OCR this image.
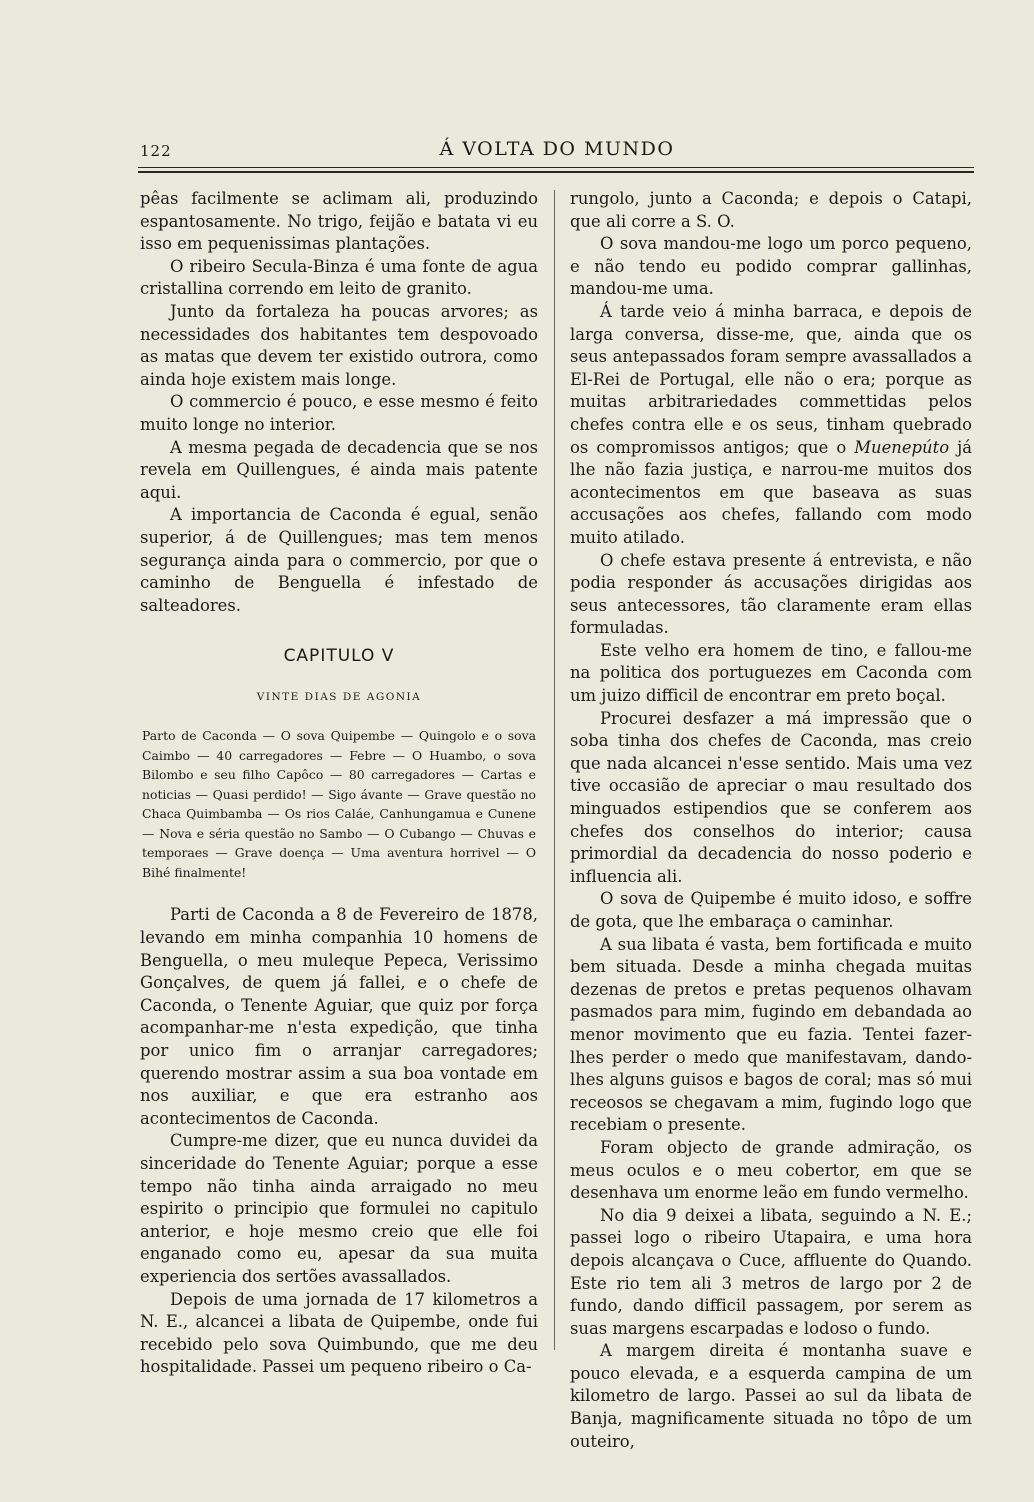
122	Á VOLTA DO MUNDO

pêas facilmente se aclimam ali, produzindo espantosamente. No trigo, feijão e batata vi eu isso em pequenissimas plantações.

O ribeiro Secula-Binza é uma fonte de agua cristallina correndo em leito de granito.

Junto da fortaleza ha poucas arvores; as necessidades dos habitantes tem despovoado as matas que devem ter existido outrora, como ainda hoje existem mais longe.

O commercio é pouco, e esse mesmo é feito muito longe no interior.

A mesma pegada de decadencia que se nos revela em Quillengues, é ainda mais patente aqui.

A importancia de Caconda é egual, senão superior, á de Quillengues; mas tem menos segurança ainda para o commercio, por que o caminho de Benguella é infestado de salteadores.

CAPITULO V
VINTE DIAS DE AGONIA
Parto de Caconda — O sova Quipembe — Quingolo e o sova Caimbo — 40 carregadores — Febre — O Huambo, o sova Bilombo e seu filho Capôco — 80 carregadores — Cartas e noticias — Quasi perdido! — Sigo ávante — Grave questão no Chaca Quimbamba — Os rios Caláe, Canhungamua e Cunene — Nova e séria questão no Sambo — O Cubango — Chuvas e temporaes — Grave doença — Uma aventura horrivel — O Bihé finalmente!

Parti de Caconda a 8 de Fevereiro de 1878, levando em minha companhia 10 homens de Benguella, o meu muleque Pepeca, Verissimo Gonçalves, de quem já fallei, e o chefe de Caconda, o Tenente Aguiar, que quiz por força acompanhar-me n'esta expedição, que tinha por unico fim o arranjar carregadores; querendo mostrar assim a sua boa vontade em nos auxiliar, e que era estranho aos acontecimentos de Caconda.

Cumpre-me dizer, que eu nunca duvidei da sinceridade do Tenente Aguiar; porque a esse tempo não tinha ainda arraigado no meu espirito o principio que formulei no capitulo anterior, e hoje mesmo creio que elle foi enganado como eu, apesar da sua muita experiencia dos sertões avassallados.

Depois de uma jornada de 17 kilometros a N. E., alcancei a libata de Quipembe, onde fui recebido pelo sova Quimbundo, que me deu hospitalidade. Passei um pequeno ribeiro o Ca-

rungolo, junto a Caconda; e depois o Catapi, que ali corre a S. O.

O sova mandou-me logo um porco pequeno, e não tendo eu podido comprar gallinhas, mandou-me uma.

Á tarde veio á minha barraca, e depois de larga conversa, disse-me, que, ainda que os seus antepassados foram sempre avassallados a El-Rei de Portugal, elle não o era; porque as muitas arbitrariedades commettidas pelos chefes contra elle e os seus, tinham quebrado os compromissos antigos; que o Muenepúto já lhe não fazia justiça, e narrou-me muitos dos acontecimentos em que baseava as suas accusações aos chefes, fallando com modo muito atilado.

O chefe estava presente á entrevista, e não podia responder ás accusações dirigidas aos seus antecessores, tão claramente eram ellas formuladas.

Este velho era homem de tino, e fallou-me na politica dos portuguezes em Caconda com um juizo difficil de encontrar em preto boçal.

Procurei desfazer a má impressão que o soba tinha dos chefes de Caconda, mas creio que nada alcancei n'esse sentido. Mais uma vez tive occasião de apreciar o mau resultado dos minguados estipendios que se conferem aos chefes dos conselhos do interior; causa primordial da decadencia do nosso poderio e influencia ali.

O sova de Quipembe é muito idoso, e soffre de gota, que lhe embaraça o caminhar.

A sua libata é vasta, bem fortificada e muito bem situada. Desde a minha chegada muitas dezenas de pretos e pretas pequenos olhavam pasmados para mim, fugindo em debandada ao menor movimento que eu fazia. Tentei fazer-lhes perder o medo que manifestavam, dando-lhes alguns guisos e bagos de coral; mas só mui receosos se chegavam a mim, fugindo logo que recebiam o presente.

Foram objecto de grande admiração, os meus oculos e o meu cobertor, em que se desenhava um enorme leão em fundo vermelho.

No dia 9 deixei a libata, seguindo a N. E.; passei logo o ribeiro Utapaira, e uma hora depois alcançava o Cuce, affluente do Quando. Este rio tem ali 3 metros de largo por 2 de fundo, dando difficil passagem, por serem as suas margens escarpadas e lodoso o fundo.

A margem direita é montanha suave e pouco elevada, e a esquerda campina de um kilometro de largo. Passei ao sul da libata de Banja, magnificamente situada no tôpo de um outeiro,
